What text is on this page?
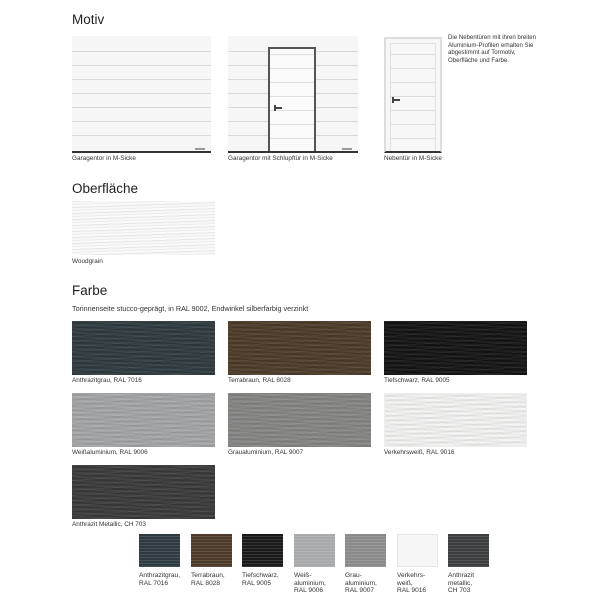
Motiv
Garagentor in M-Sicke	Garagentor mit Schlupftür in M-Sicke	Nebentür in M-Sicke
Die Nebentüren mit ihren breiten Aluminium-Profilen erhalten Sie abgestimmt auf Tormotiv, Oberfläche und Farbe.
Oberfläche
Woodgrain
Farbe
Torinnenseite stucco-geprägt, in RAL 9002, Endwinkel silberfarbig verzinkt
Anthrazitgrau, RAL 7016	Terrabraun, RAL 8028	Tiefschwarz, RAL 9005
Weißaluminium, RAL 9006	Graualuminium, RAL 9007	Verkehrsweiß, RAL 9016
Anthrazit Metallic, CH 703
Anthrazitgrau,
RAL 7016
Terrabraun,
RAL 8028
Tiefschwarz,
RAL 9005
Weiß-
aluminium,
RAL 9006
Grau-
aluminium,
RAL 9007
Verkehrs-
weiß,
RAL 9016
Anthrazit
metallic,
CH 703
